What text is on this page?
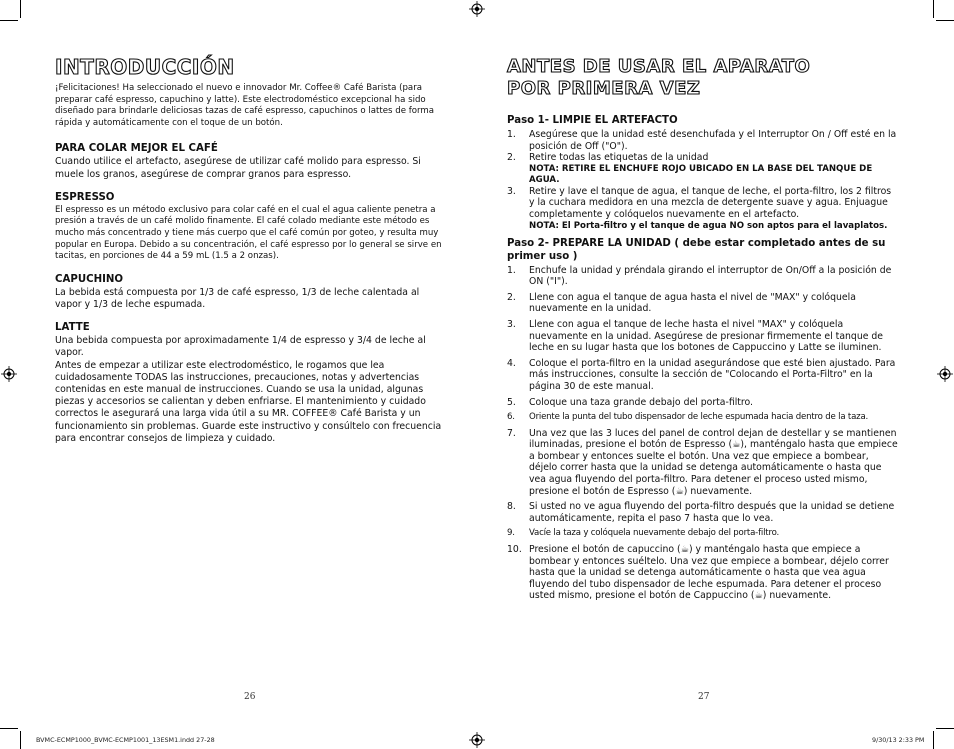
INTRODUCCIÓN

¡Felicitaciones! Ha seleccionado el nuevo e innovador Mr. Coffee® Café Barista (para preparar café espresso, capuchino y latte). Este electrodoméstico excepcional ha sido diseñado para brindarle deliciosas tazas de café espresso, capuchinos o lattes de forma rápida y automáticamente con el toque de un botón.

PARA COLAR MEJOR EL CAFÉ

Cuando utilice el artefacto, asegúrese de utilizar café molido para espresso. Si muele los granos, asegúrese de comprar granos para espresso.

ESPRESSO

El espresso es un método exclusivo para colar café en el cual el agua caliente penetra a presión a través de un café molido finamente. El café colado mediante este método es mucho más concentrado y tiene más cuerpo que el café común por goteo, y resulta muy popular en Europa. Debido a su concentración, el café espresso por lo general se sirve en tacitas, en porciones de 44 a 59 mL (1.5 a 2 onzas).

CAPUCHINO

La bebida está compuesta por 1/3 de café espresso, 1/3 de leche calentada al vapor y 1/3 de leche espumada.

LATTE

Una bebida compuesta por aproximadamente 1/4 de espresso y 3/4 de leche al vapor.

Antes de empezar a utilizar este electrodoméstico, le rogamos que lea cuidadosamente TODAS las instrucciones, precauciones, notas y advertencias contenidas en este manual de instrucciones. Cuando se usa la unidad, algunas piezas y accesorios se calientan y deben enfriarse. El mantenimiento y cuidado correctos le asegurará una larga vida útil a su MR. COFFEE® Café Barista y un funcionamiento sin problemas. Guarde este instructivo y consúltelo con frecuencia para encontrar consejos de limpieza y cuidado.

26
ANTES DE USAR EL APARATO
POR PRIMERA VEZ
Paso 1- LIMPIE EL ARTEFACTO
1. Asegúrese que la unidad esté desenchufada y el Interruptor On / Off esté en la posición de Off ("O").
2. Retire todas las etiquetas de la unidad
NOTA: RETIRE EL ENCHUFE ROJO UBICADO EN LA BASE DEL TANQUE DE AGUA.
3. Retire y lave el tanque de agua, el tanque de leche, el porta-filtro, los 2 filtros y la cuchara medidora en una mezcla de detergente suave y agua. Enjuague completamente y colóquelos nuevamente en el artefacto.
NOTA: El Porta-filtro y el tanque de agua NO son aptos para el lavaplatos.
Paso 2- PREPARE LA UNIDAD ( debe estar completado antes de su primer uso )
1. Enchufe la unidad y préndala girando el interruptor de On/Off a la posición de ON ("I").
2. Llene con agua el tanque de agua hasta el nivel de "MAX" y colóquela nuevamente en la unidad.
3. Llene con agua el tanque de leche hasta el nivel "MAX" y colóquela nuevamente en la unidad. Asegúrese de presionar firmemente el tanque de leche en su lugar hasta que los botones de Cappuccino y Latte se iluminen.
4. Coloque el porta-filtro en la unidad asegurándose que esté bien ajustado. Para más instrucciones, consulte la sección de "Colocando el Porta-Filtro" en la página 30 de este manual.
5. Coloque una taza grande debajo del porta-filtro.
6. Oriente la punta del tubo dispensador de leche espumada hacia dentro de la taza.
7. Una vez que las 3 luces del panel de control dejan de destellar y se mantienen iluminadas, presione el botón de Espresso (☕), manténgalo hasta que empiece a bombear y entonces suelte el botón. Una vez que empiece a bombear, déjelo correr hasta que la unidad se detenga automáticamente o hasta que vea agua fluyendo del porta-filtro. Para detener el proceso usted mismo, presione el botón de Espresso (☕) nuevamente.
8. Si usted no ve agua fluyendo del porta-filtro después que la unidad se detiene automáticamente, repita el paso 7 hasta que lo vea.
9. Vacíe la taza y colóquela nuevamente debajo del porta-filtro.
10. Presione el botón de capuccino (☕) y manténgalo hasta que empiece a bombear y entonces suéltelo. Una vez que empiece a bombear, déjelo correr hasta que la unidad se detenga automáticamente o hasta que vea agua fluyendo del tubo dispensador de leche espumada. Para detener el proceso usted mismo, presione el botón de Cappuccino (☕) nuevamente.
27
BVMC-ECMP1000_BVMC-ECMP1001_13ESM1.indd 27-28	9/30/13 2:33 PM
